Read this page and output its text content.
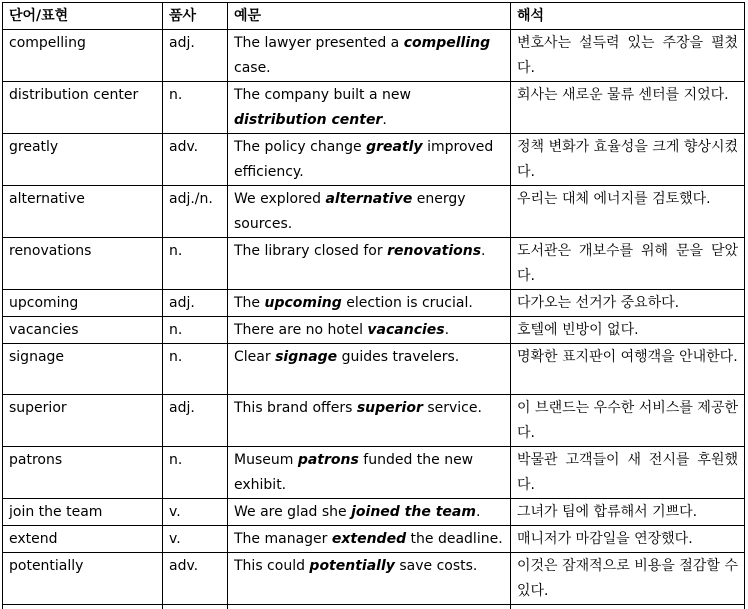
단어/표현	품사	예문	해석
compelling	adj.	The lawyer presented a compelling case.	변호사는 설득력 있는 주장을 펼쳤다.
distribution center	n.	The company built a new distribution center.	회사는 새로운 물류 센터를 지었다.
greatly	adv.	The policy change greatly improved efficiency.	정책 변화가 효율성을 크게 향상시켰다.
alternative	adj./n.	We explored alternative energy sources.	우리는 대체 에너지를 검토했다.
renovations	n.	The library closed for renovations.	도서관은 개보수를 위해 문을 닫았다.
upcoming	adj.	The upcoming election is crucial.	다가오는 선거가 중요하다.
vacancies	n.	There are no hotel vacancies.	호텔에 빈방이 없다.
signage	n.	Clear signage guides travelers.	명확한 표지판이 여행객을 안내한다.
superior	adj.	This brand offers superior service.	이 브랜드는 우수한 서비스를 제공한다.
patrons	n.	Museum patrons funded the new exhibit.	박물관 고객들이 새 전시를 후원했다.
join the team	v.	We are glad she joined the team.	그녀가 팀에 합류해서 기쁘다.
extend	v.	The manager extended the deadline.	매니저가 마감일을 연장했다.
potentially	adv.	This could potentially save costs.	이것은 잠재적으로 비용을 절감할 수 있다.
